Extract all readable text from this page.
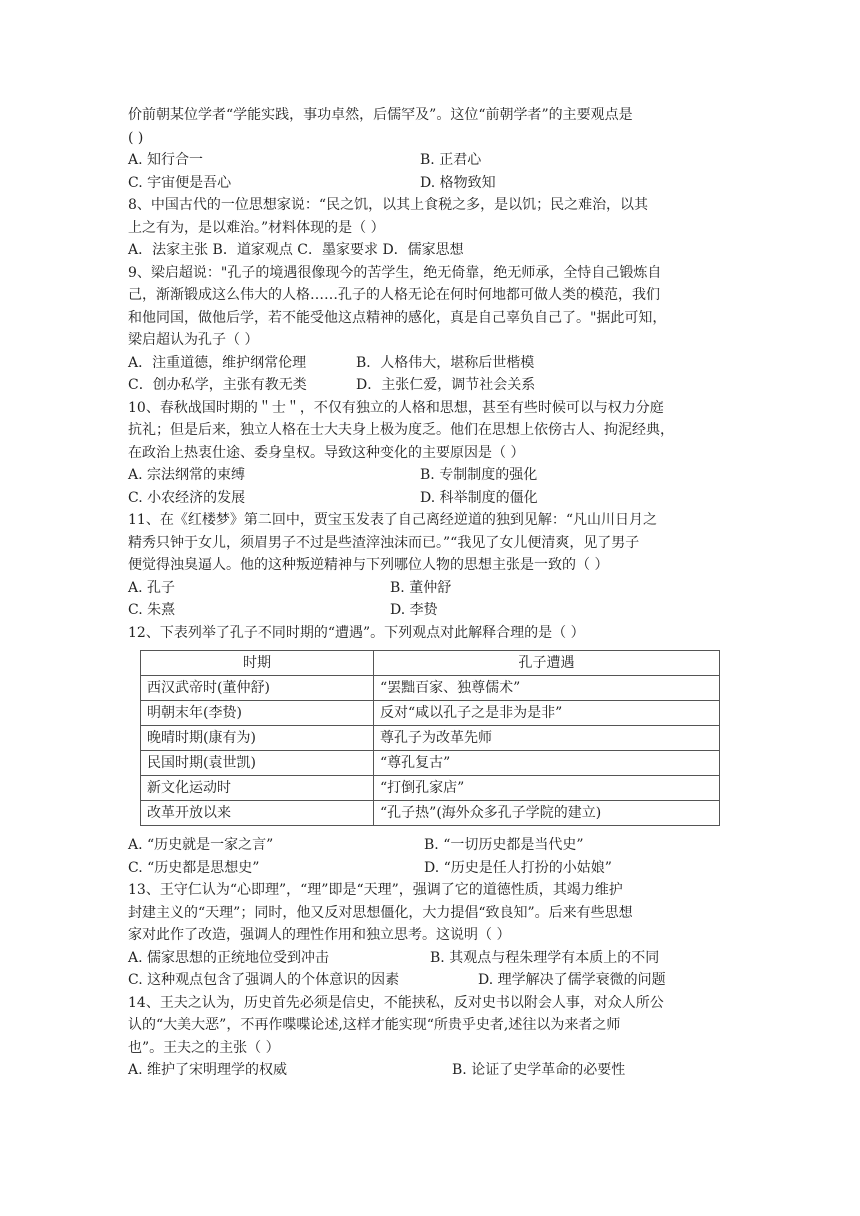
价前朝某位学者“学能实践，事功卓然，后儒罕及”。这位“前朝学者”的主要观点是
( )
A. 知行合一	B. 正君心
C. 宇宙便是吾心	D. 格物致知
8、中国古代的一位思想家说：“民之饥，以其上食税之多，是以饥；民之难治，以其
上之有为，是以难治。”材料体现的是（ ）
A．法家主张 B．道家观点 C．墨家要求 D．儒家思想
9、梁启超说："孔子的境遇很像现今的苦学生，绝无倚靠，绝无师承，全恃自己锻炼自
己，渐渐锻成这么伟大的人格……孔子的人格无论在何时何地都可做人类的模范，我们
和他同国，做他后学，若不能受他这点精神的感化，真是自己辜负自己了。"据此可知，
梁启超认为孔子（ ）
A．注重道德，维护纲常伦理	B．人格伟大，堪称后世楷模
C．创办私学，主张有教无类	D．主张仁爱，调节社会关系
10、春秋战国时期的＂士＂，不仅有独立的人格和思想，甚至有些时候可以与权力分庭
抗礼；但是后来，独立人格在士大夫身上极为度乏。他们在思想上依傍古人、拘泥经典，
在政治上热衷仕途、委身皇权。导致这种变化的主要原因是（ ）
A. 宗法纲常的束缚	B. 专制制度的强化
C. 小农经济的发展	D. 科举制度的僵化
11、在《红楼梦》第二回中，贾宝玉发表了自己离经逆道的独到见解：“凡山川日月之
精秀只钟于女儿，须眉男子不过是些渣滓浊沫而已。”“我见了女儿便清爽，见了男子
便觉得浊臭逼人。他的这种叛逆精神与下列哪位人物的思想主张是一致的（ ）
A. 孔子	B. 董仲舒
C. 朱熹	D. 李贽
12、下表列举了孔子不同时期的“遭遇”。下列观点对此解释合理的是（ ）
时期	孔子遭遇
西汉武帝时(董仲舒)	“罢黜百家、独尊儒术”
明朝末年(李贽)	反对“咸以孔子之是非为是非”
晚晴时期(康有为)	尊孔子为改革先师
民国时期(袁世凯)	“尊孔复古”
新文化运动时	“打倒孔家店”
改革开放以来	“孔子热”(海外众多孔子学院的建立)
A. “历史就是一家之言”	B. “一切历史都是当代史”
C. “历史都是思想史”	D. “历史是任人打扮的小姑娘”
13、王守仁认为“心即理”，“理”即是“天理”，强调了它的道德性质，其竭力维护
封建主义的“天理”；同时，他又反对思想僵化，大力提倡“致良知”。后来有些思想
家对此作了改造，强调人的理性作用和独立思考。这说明（ ）
A. 儒家思想的正统地位受到冲击	B. 其观点与程朱理学有本质上的不同
C. 这种观点包含了强调人的个体意识的因素	D. 理学解决了儒学衰微的问题
14、王夫之认为，历史首先必须是信史，不能挟私，反对史书以附会人事，对众人所公
认的“大美大恶”，不再作喋喋论述,这样才能实现“所贵乎史者,述往以为来者之师
也”。王夫之的主张（ ）
A. 维护了宋明理学的权威	B. 论证了史学革命的必要性
